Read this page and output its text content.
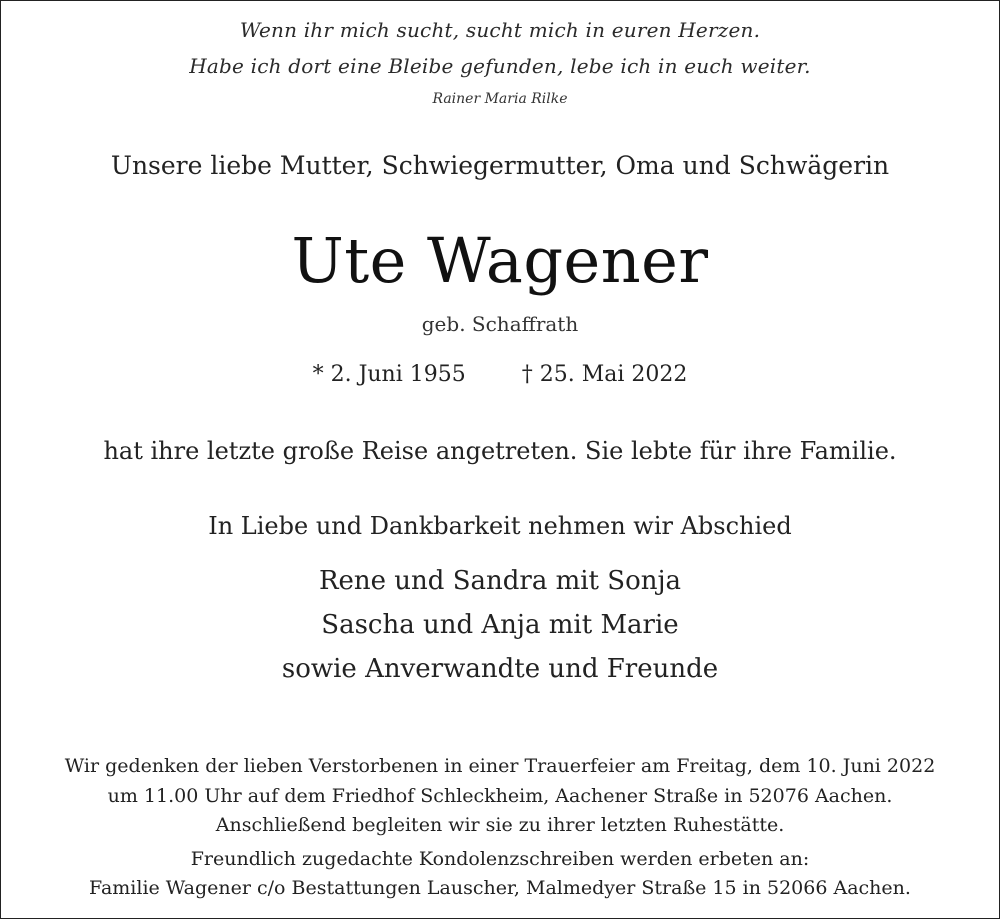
Wenn ihr mich sucht, sucht mich in euren Herzen.
Habe ich dort eine Bleibe gefunden, lebe ich in euch weiter.
Rainer Maria Rilke
Unsere liebe Mutter, Schwiegermutter, Oma und Schwägerin
Ute Wagener
geb. Schaffrath
* 2. Juni 1955	† 25. Mai 2022
hat ihre letzte große Reise angetreten. Sie lebte für ihre Familie.
In Liebe und Dankbarkeit nehmen wir Abschied
Rene und Sandra mit Sonja
Sascha und Anja mit Marie
sowie Anverwandte und Freunde
Wir gedenken der lieben Verstorbenen in einer Trauerfeier am Freitag, dem 10. Juni 2022
um 11.00 Uhr auf dem Friedhof Schleckheim, Aachener Straße in 52076 Aachen.
Anschließend begleiten wir sie zu ihrer letzten Ruhestätte.
Freundlich zugedachte Kondolenzschreiben werden erbeten an:
Familie Wagener c/o Bestattungen Lauscher, Malmedyer Straße 15 in 52066 Aachen.
